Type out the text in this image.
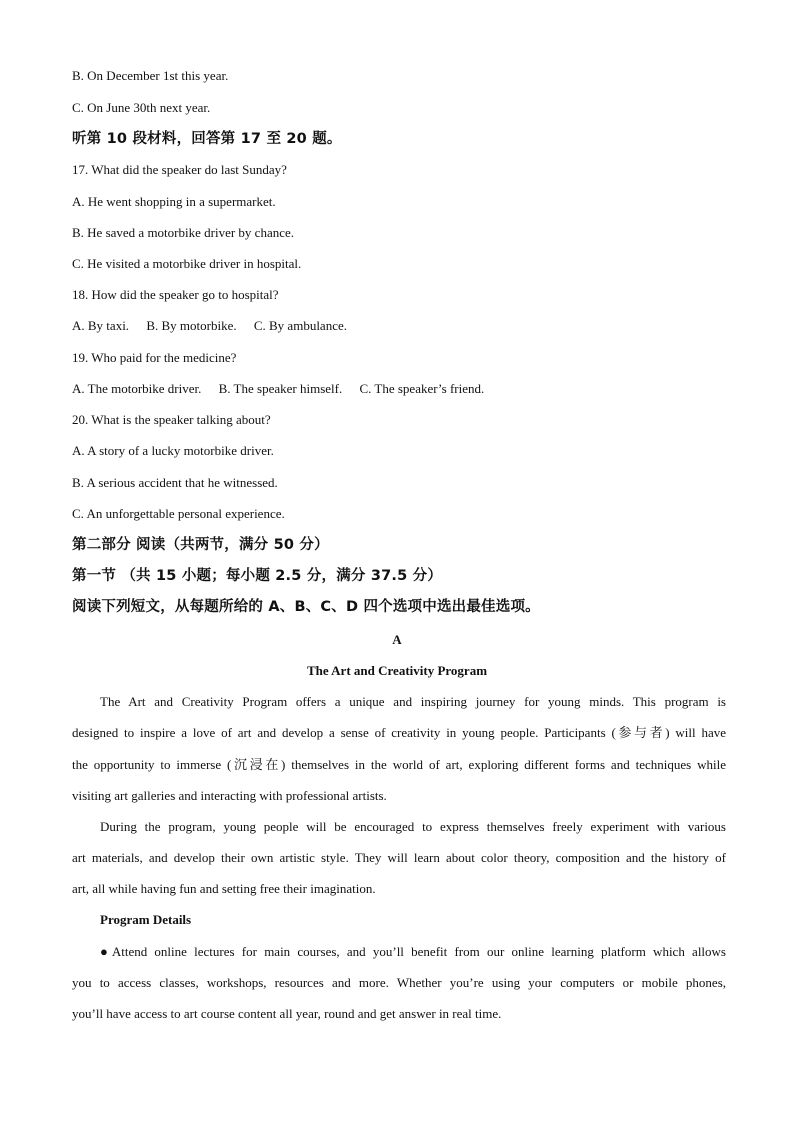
B. On December 1st this year.
C. On June 30th next year.
听第 10 段材料，回答第 17 至 20 题。
17. What did the speaker do last Sunday?
A. He went shopping in a supermarket.
B. He saved a motorbike driver by chance.
C. He visited a motorbike driver in hospital.
18. How did the speaker go to hospital?
A. By taxi. B. By motorbike. C. By ambulance.
19. Who paid for the medicine?
A. The motorbike driver. B. The speaker himself. C. The speaker’s friend.
20. What is the speaker talking about?
A. A story of a lucky motorbike driver.
B. A serious accident that he witnessed.
C. An unforgettable personal experience.
第二部分 阅读（共两节，满分 50 分）
第一节 （共 15 小题；每小题 2.5 分，满分 37.5 分）
阅读下列短文，从每题所给的 A、B、C、D 四个选项中选出最佳选项。
A
The Art and Creativity Program
The Art and Creativity Program offers a unique and inspiring journey for young minds. This program is
designed to inspire a love of art and develop a sense of creativity in young people. Participants (参与者) will have
the opportunity to immerse (沉浸在) themselves in the world of art, exploring different forms and techniques while
visiting art galleries and interacting with professional artists.
During the program, young people will be encouraged to express themselves freely experiment with various
art materials, and develop their own artistic style. They will learn about color theory, composition and the history of
art, all while having fun and setting free their imagination.
Program Details
●Attend online lectures for main courses, and you’ll benefit from our online learning platform which allows
you to access classes, workshops, resources and more. Whether you’re using your computers or mobile phones,
you’ll have access to art course content all year, round and get answer in real time.
